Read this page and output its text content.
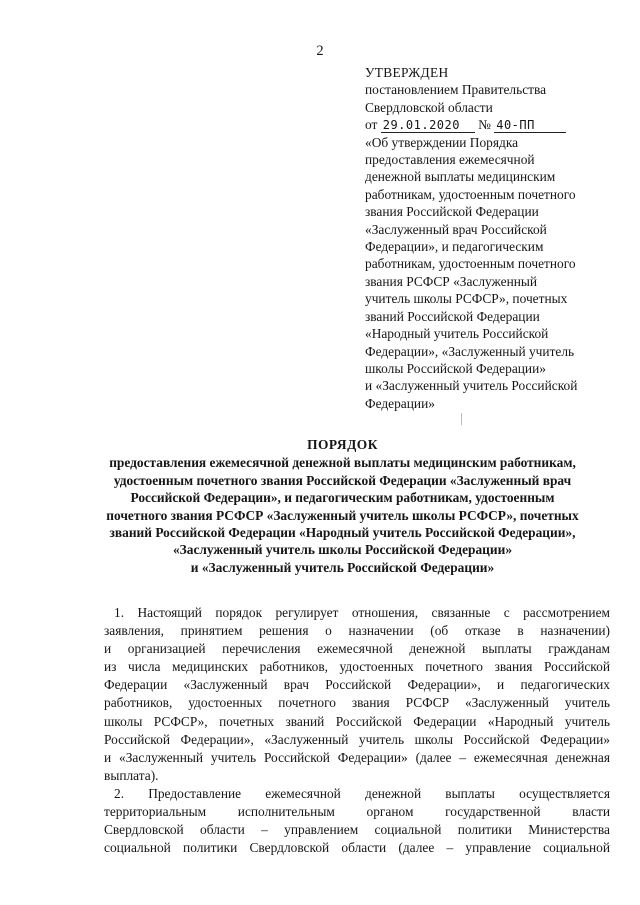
2
УТВЕРЖДЕН
постановлением Правительства
Свердловской области
от 29.01.2020 № 40-ПП
«Об утверждении Порядка
предоставления ежемесячной
денежной выплаты медицинским
работникам, удостоенным почетного
звания Российской Федерации
«Заслуженный врач Российской
Федерации», и педагогическим
работникам, удостоенным почетного
звания РСФСР «Заслуженный
учитель школы РСФСР», почетных
званий Российской Федерации
«Народный учитель Российской
Федерации», «Заслуженный учитель
школы Российской Федерации»
и «Заслуженный учитель Российской
Федерации»
ПОРЯДОК
предоставления ежемесячной денежной выплаты медицинским работникам,
удостоенным почетного звания Российской Федерации «Заслуженный врач
Российской Федерации», и педагогическим работникам, удостоенным
почетного звания РСФСР «Заслуженный учитель школы РСФСР», почетных
званий Российской Федерации «Народный учитель Российской Федерации»,
«Заслуженный учитель школы Российской Федерации»
и «Заслуженный учитель Российской Федерации»

1. Настоящий порядок регулирует отношения, связанные с рассмотрением

заявления, принятием решения о назначении (об отказе в назначении)

и организацией перечисления ежемесячной денежной выплаты гражданам

из числа медицинских работников, удостоенных почетного звания Российской

Федерации «Заслуженный врач Российской Федерации», и педагогических

работников, удостоенных почетного звания РСФСР «Заслуженный учитель

школы РСФСР», почетных званий Российской Федерации «Народный учитель

Российской Федерации», «Заслуженный учитель школы Российской Федерации»

и «Заслуженный учитель Российской Федерации» (далее – ежемесячная денежная

выплата).

2. Предоставление ежемесячной денежной выплаты осуществляется

территориальным исполнительным органом государственной власти

Свердловской области – управлением социальной политики Министерства

социальной политики Свердловской области (далее – управление социальной
